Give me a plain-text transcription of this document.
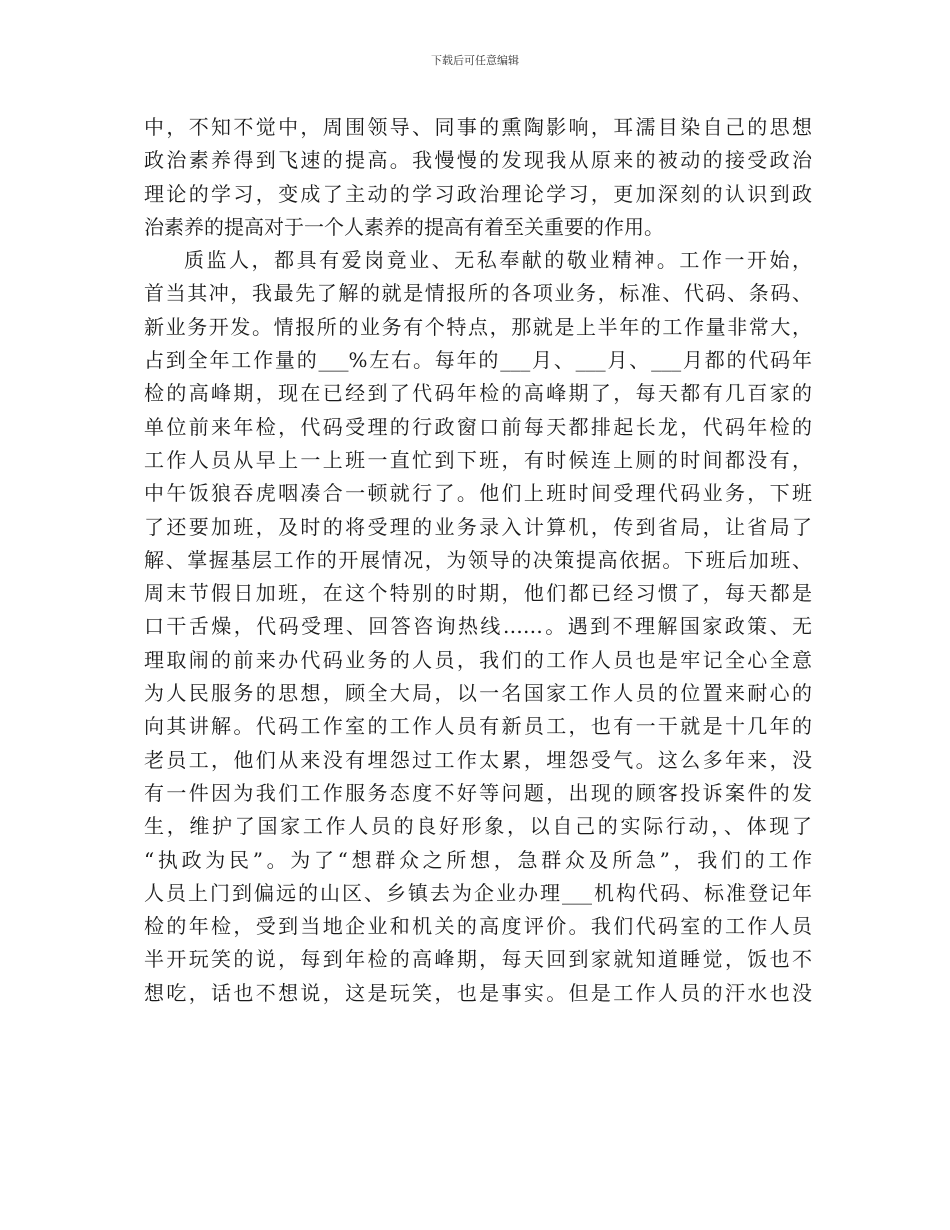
下载后可任意编辑
中，不知不觉中，周围领导、同事的熏陶影响，耳濡目染自己的思想
政治素养得到飞速的提高。我慢慢的发现我从原来的被动的接受政治
理论的学习，变成了主动的学习政治理论学习，更加深刻的认识到政
治素养的提高对于一个人素养的提高有着至关重要的作用。
质监人，都具有爱岗竟业、无私奉献的敬业精神。工作一开始，
首当其冲，我最先了解的就是情报所的各项业务，标准、代码、条码、
新业务开发。情报所的业务有个特点，那就是上半年的工作量非常大，
占到全年工作量的___%左右。每年的___月、___月、___月都的代码年
检的高峰期，现在已经到了代码年检的高峰期了，每天都有几百家的
单位前来年检，代码受理的行政窗口前每天都排起长龙，代码年检的
工作人员从早上一上班一直忙到下班，有时候连上厕的时间都没有，
中午饭狼吞虎咽凑合一顿就行了。他们上班时间受理代码业务，下班
了还要加班，及时的将受理的业务录入计算机，传到省局，让省局了
解、掌握基层工作的开展情况，为领导的决策提高依据。下班后加班、
周末节假日加班，在这个特别的时期，他们都已经习惯了，每天都是
口干舌燥，代码受理、回答咨询热线……。遇到不理解国家政策、无
理取闹的前来办代码业务的人员，我们的工作人员也是牢记全心全意
为人民服务的思想，顾全大局，以一名国家工作人员的位置来耐心的
向其讲解。代码工作室的工作人员有新员工，也有一干就是十几年的
老员工，他们从来没有埋怨过工作太累，埋怨受气。这么多年来，没
有一件因为我们工作服务态度不好等问题，出现的顾客投诉案件的发
生，维护了国家工作人员的良好形象，以自己的实际行动，、体现了
“执政为民”。为了“想群众之所想，急群众及所急”，我们的工作
人员上门到偏远的山区、乡镇去为企业办理___机构代码、标准登记年
检的年检，受到当地企业和机关的高度评价。我们代码室的工作人员
半开玩笑的说，每到年检的高峰期，每天回到家就知道睡觉，饭也不
想吃，话也不想说，这是玩笑，也是事实。但是工作人员的汗水也没
